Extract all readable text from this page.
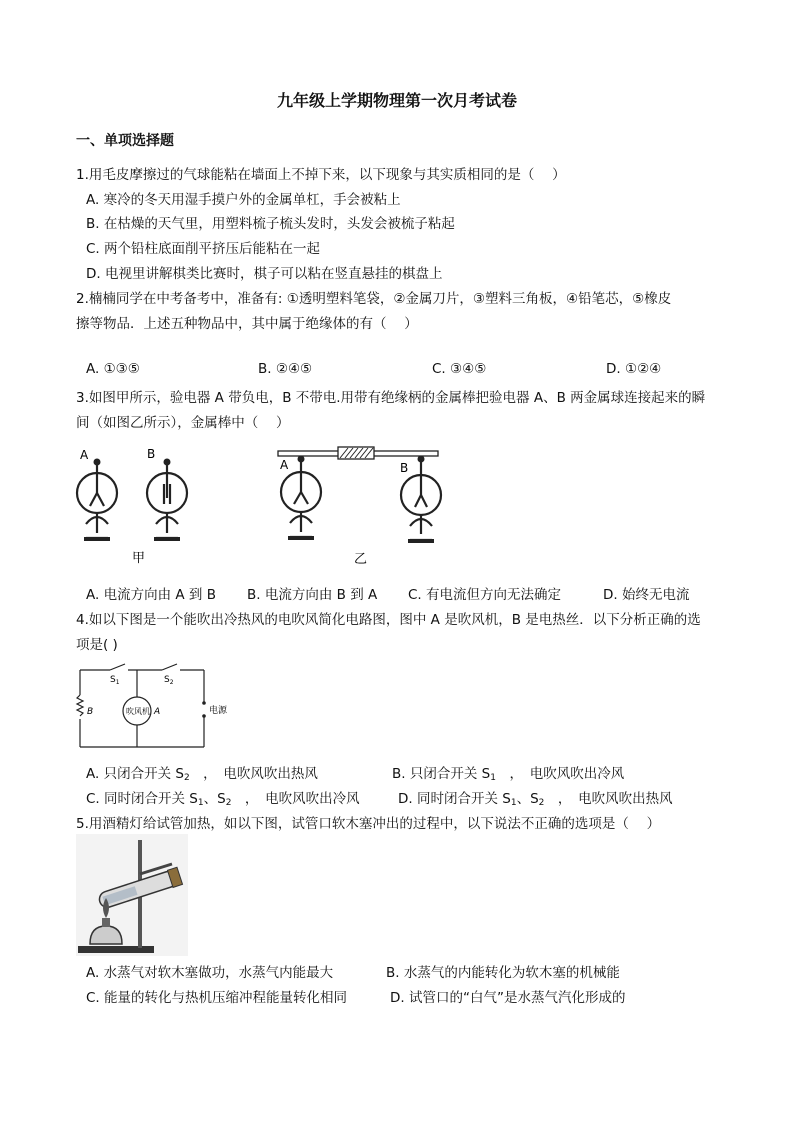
九年级上学期物理第一次月考试卷
一、单项选择题
1.用毛皮摩擦过的气球能粘在墙面上不掉下来，以下现象与其实质相同的是（　 ）
A. 寒冷的冬天用湿手摸户外的金属单杠，手会被粘上
B. 在枯燥的天气里，用塑料梳子梳头发时，头发会被梳子粘起
C. 两个铅柱底面削平挤压后能粘在一起
D. 电视里讲解棋类比赛时，棋子可以粘在竖直悬挂的棋盘上
2.楠楠同学在中考备考中，准备有: ①透明塑料笔袋，②金属刀片，③塑料三角板，④铅笔芯，⑤橡皮
擦等物品．上述五种物品中，其中属于绝缘体的有（　 ）
A. ①③⑤	B. ②④⑤	C. ③④⑤	D. ①②④
3.如图甲所示，验电器 A 带负电，B 不带电.用带有绝缘柄的金属棒把验电器 A、B 两金属球连接起来的瞬
间（如图乙所示），金属棒中（　 ）
A	B
A	B
甲	乙
A. 电流方向由 A 到 B B. 电流方向由 B 到 A C. 有电流但方向无法确定	D. 始终无电流
4.如以下图是一个能吹出冷热风的电吹风简化电路图，图中 A 是吹风机，B 是电热丝．以下分析正确的选
项是( )
$S_1$	$S_2$
B	吹风机 A	电源
A. 只闭合开关 $S_2$　，　电吹风吹出热风	B. 只闭合开关 $S_1$　，　电吹风吹出冷风
C. 同时闭合开关 $S_1$、$S_2$　，　电吹风吹出冷风	D. 同时闭合开关 $S_1$、$S_2$　，　电吹风吹出热风
5.用酒精灯给试管加热，如以下图，试管口软木塞冲出的过程中，以下说法不正确的选项是（　 ）
A. 水蒸气对软木塞做功，水蒸气内能最大	B. 水蒸气的内能转化为软木塞的机械能
C. 能量的转化与热机压缩冲程能量转化相同	D. 试管口的“白气”是水蒸气汽化形成的
